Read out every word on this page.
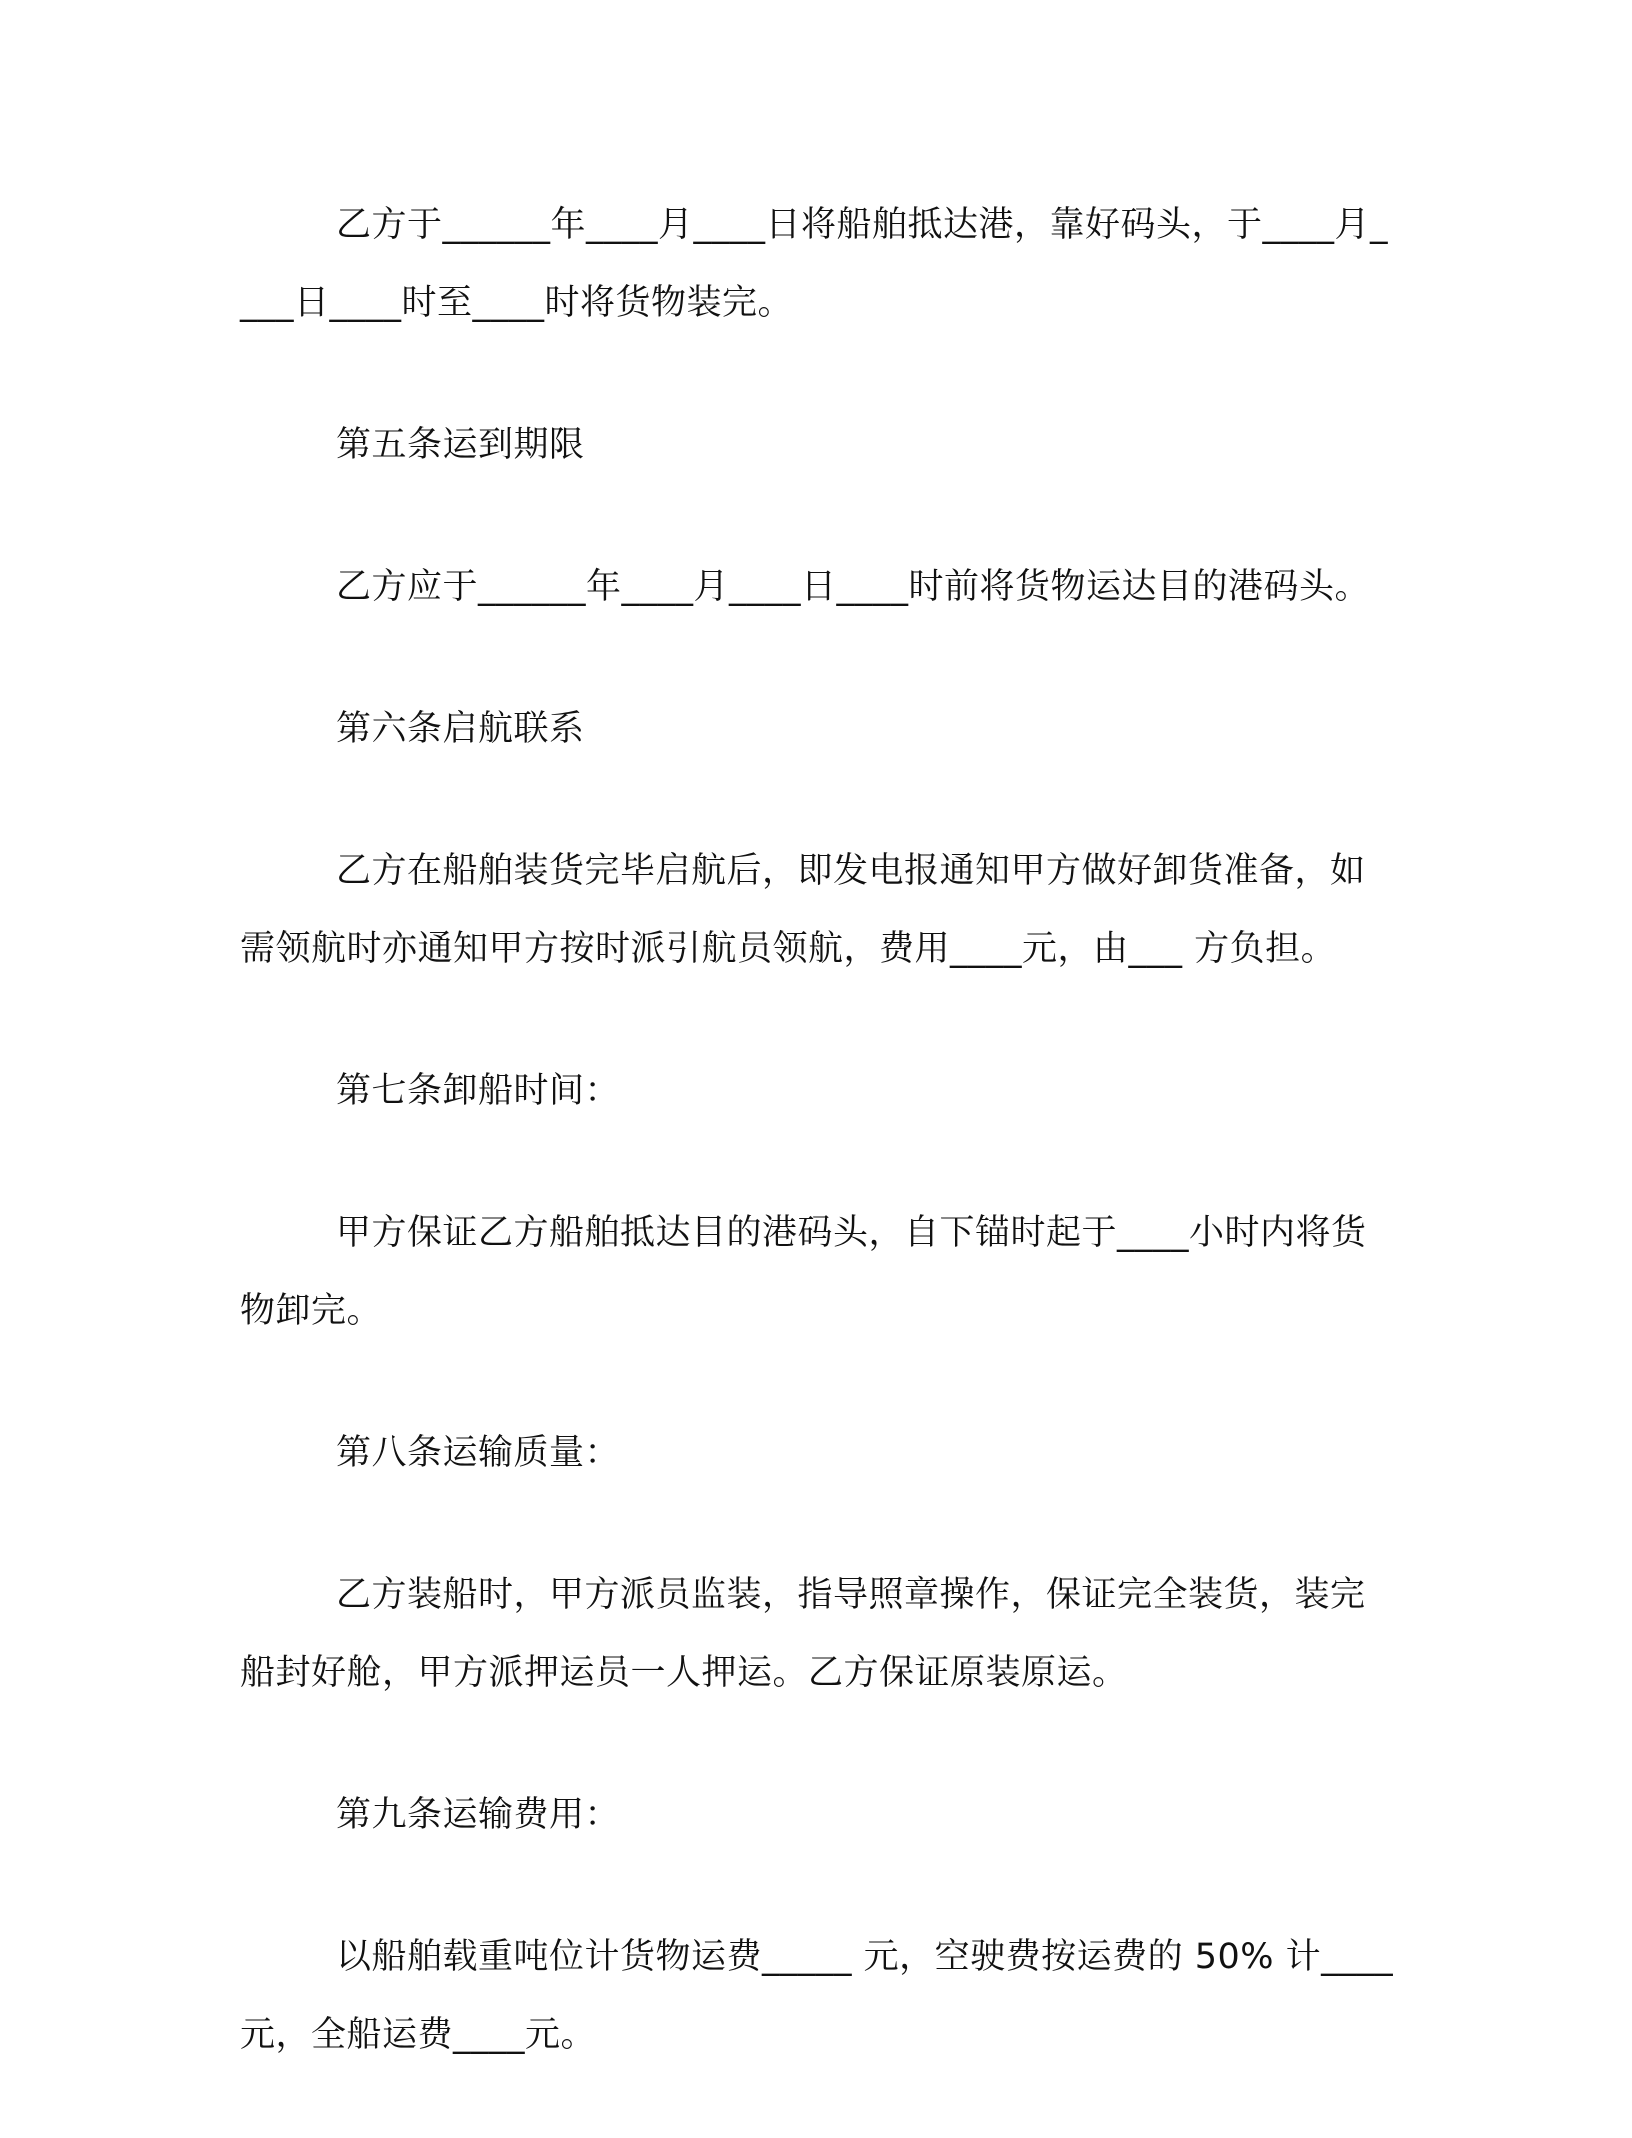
乙方于______年____月____日将船舶抵达港，靠好码头，于____月____日____时至____时将货物装完。

第五条运到期限

乙方应于______年____月____日____时前将货物运达目的港码头。

第六条启航联系

乙方在船舶装货完毕启航后，即发电报通知甲方做好卸货准备，如需领航时亦通知甲方按时派引航员领航，费用____元，由___ 方负担。

第七条卸船时间：

甲方保证乙方船舶抵达目的港码头，自下锚时起于____小时内将货物卸完。

第八条运输质量：

乙方装船时，甲方派员监装，指导照章操作，保证完全装货，装完船封好舱，甲方派押运员一人押运。乙方保证原装原运。

第九条运输费用：

以船舶载重吨位计货物运费_____ 元，空驶费按运费的 50% 计____元，全船运费____元。
